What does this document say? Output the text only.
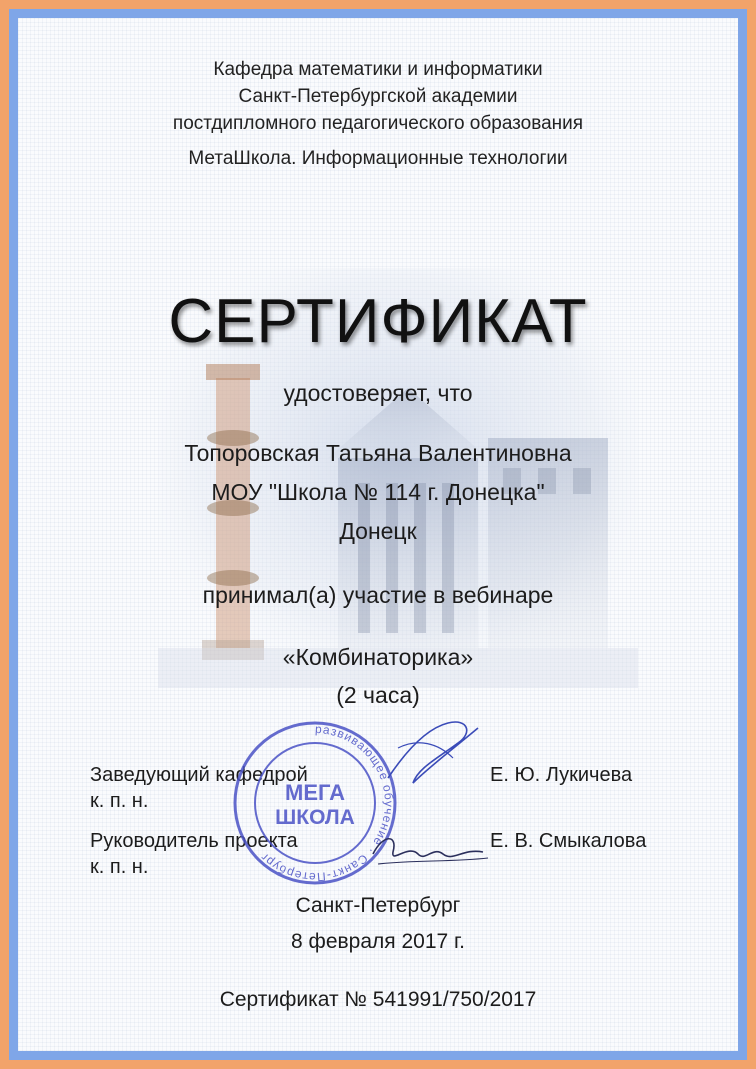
Кафедра математики и информатики
Санкт-Петербургской академии
постдипломного педагогического образования
МетаШкола. Информационные технологии
СЕРТИФИКАТ
удостоверяет, что
Топоровская Татьяна Валентиновна
МОУ "Школа № 114 г. Донецка"
Донецк
принимал(а) участие в вебинаре
«Комбинаторика»
(2 часа)
Заведующий кафедрой
к. п. н.
Е. Ю. Лукичева
Руководитель проекта
к. п. н.
Е. В. Смыкалова
МЕГА
ШКОЛА
развивающее обучение · Санкт-Петербург
Санкт-Петербург
8 февраля 2017 г.
Сертификат № 541991/750/2017
